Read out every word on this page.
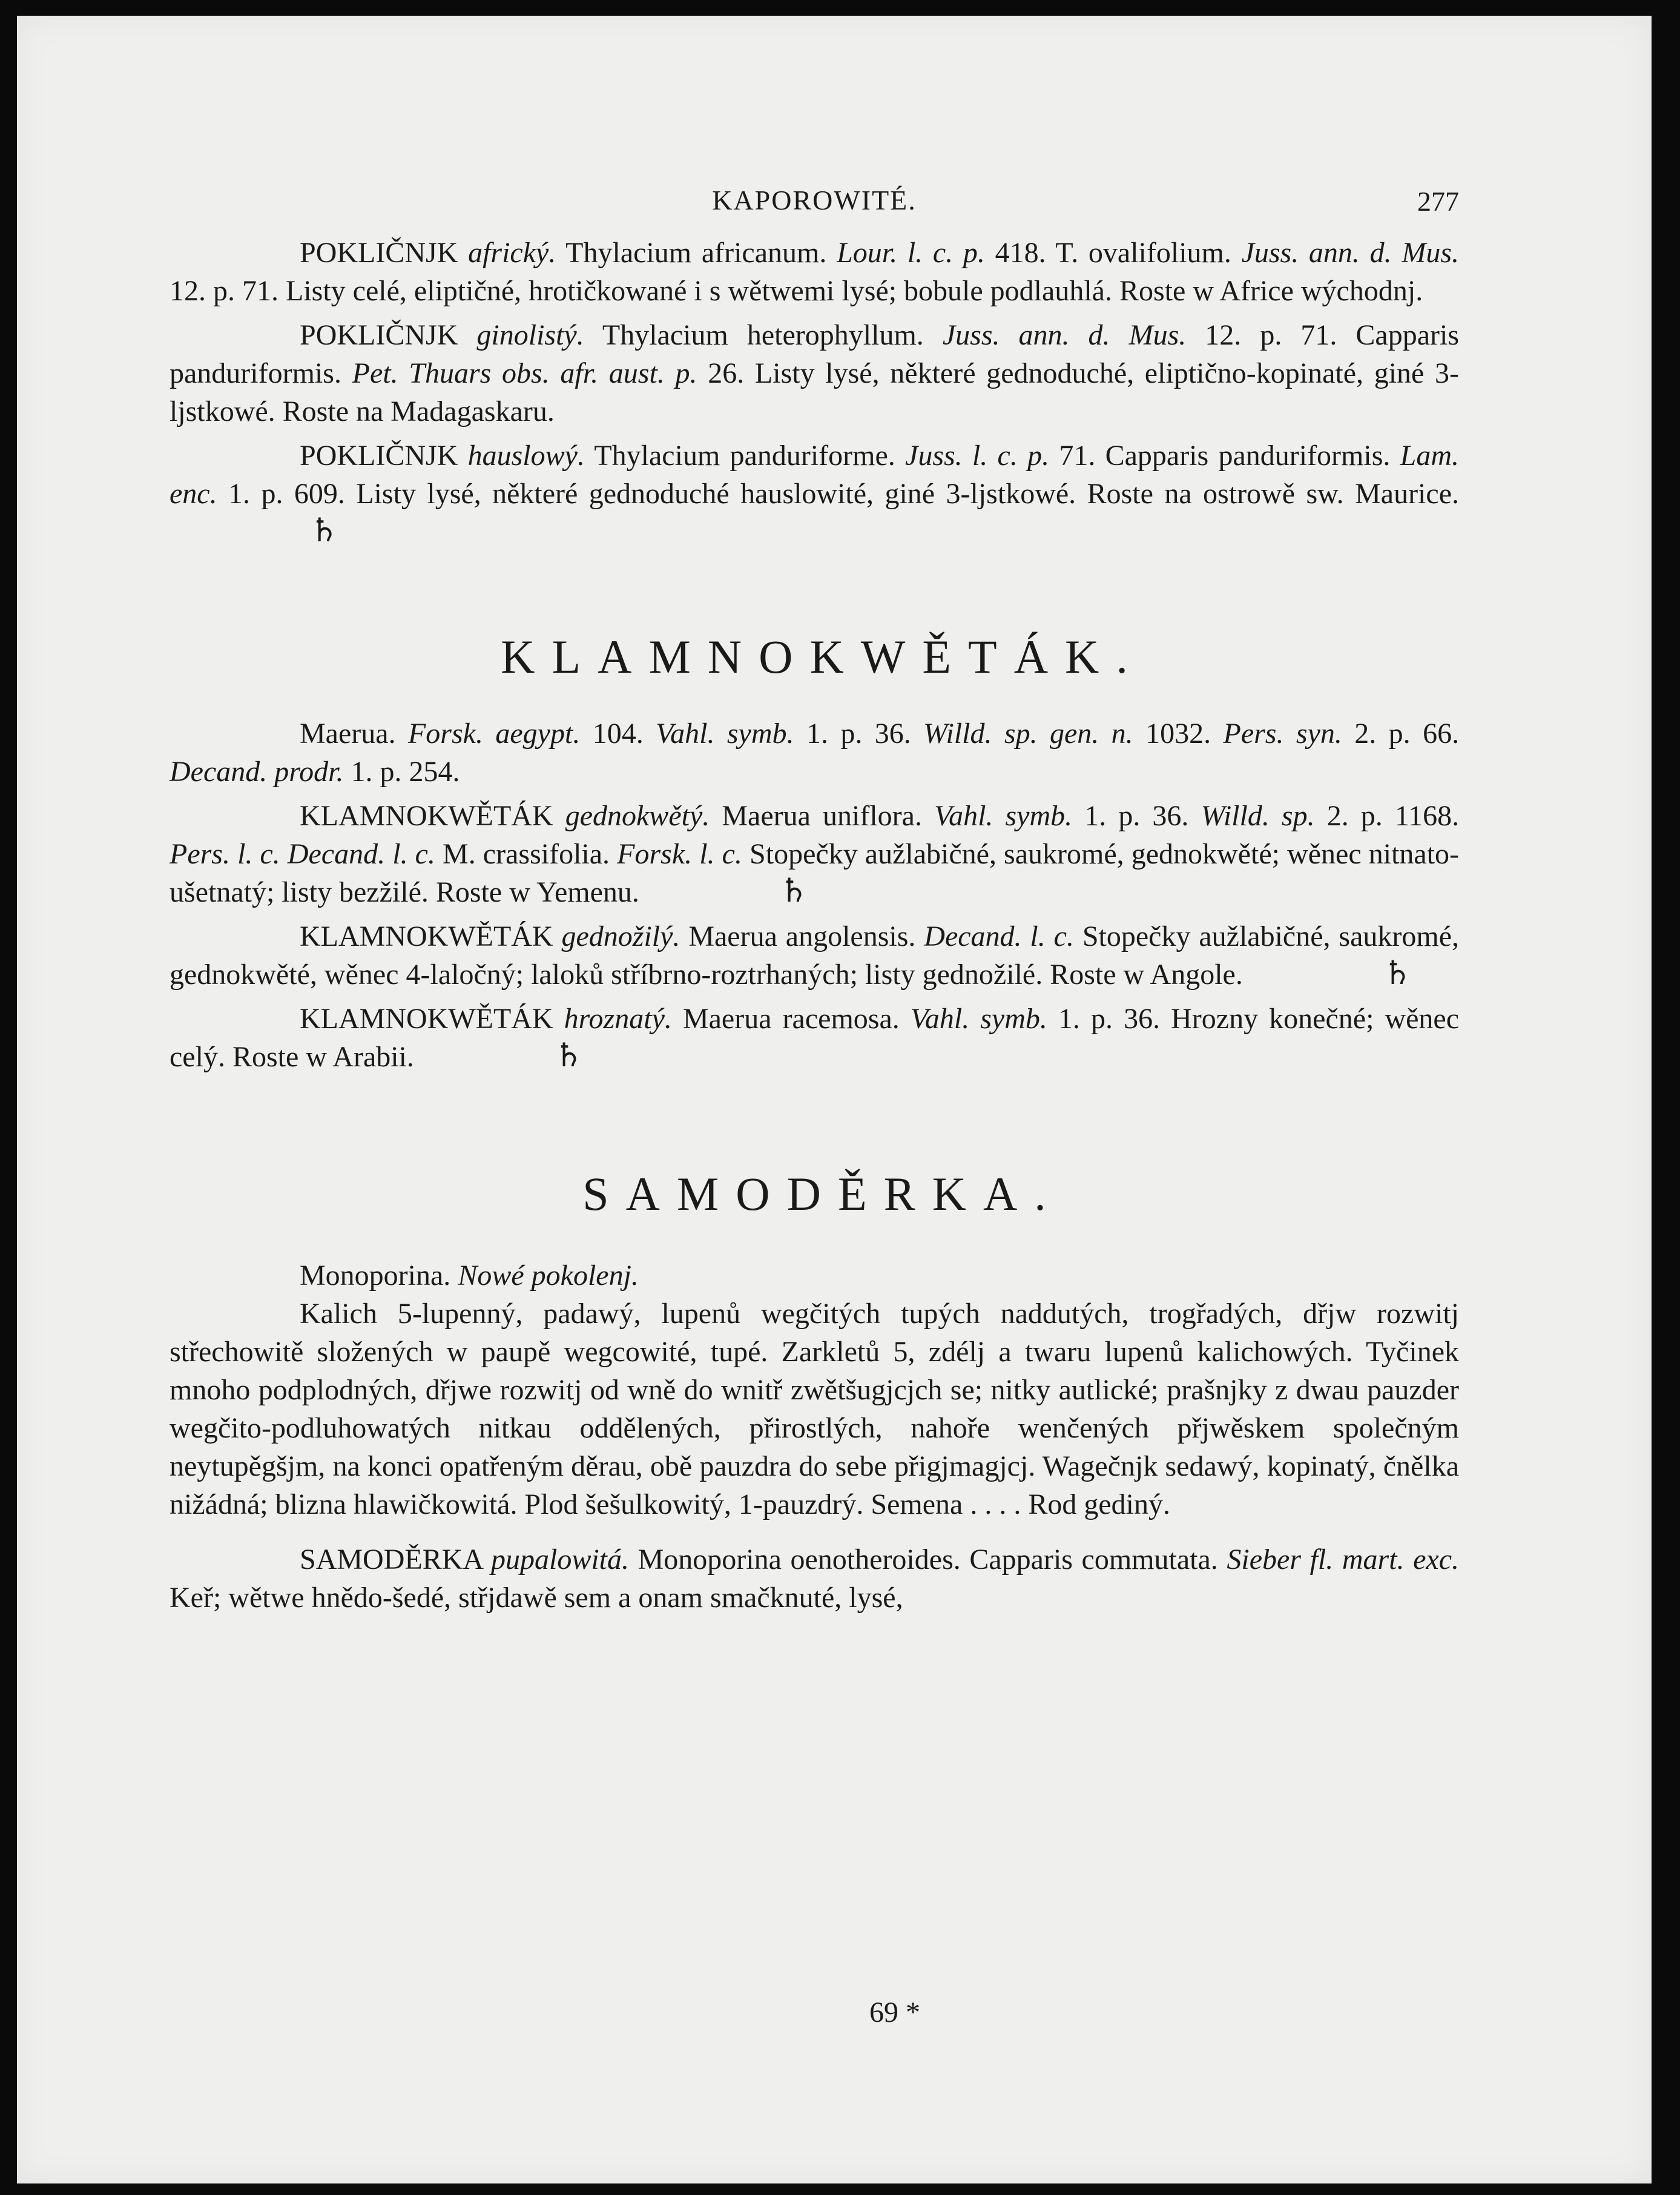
KAPOROWITÉ.	277

POKLIČNJK africký. Thylacium africanum. Lour. l. c. p. 418. T. ovalifolium. Juss. ann. d. Mus. 12. p. 71. Listy celé, eliptičné, hrotičkowané i s wětwemi lysé; bobule podlauhlá. Roste w Africe wýchodnj.

POKLIČNJK ginolistý. Thylacium heterophyllum. Juss. ann. d. Mus. 12. p. 71. Capparis panduriformis. Pet. Thuars obs. afr. aust. p. 26. Listy lysé, některé gednoduché, eliptično-kopinaté, giné 3-ljstkowé. Roste na Madagaskaru.

POKLIČNJK hauslowý. Thylacium panduriforme. Juss. l. c. p. 71. Capparis panduriformis. Lam. enc. 1. p. 609. Listy lysé, některé gednoduché hauslowité, giné 3-ljstkowé. Roste na ostrowě sw. Maurice.♄

KLAMNOKWĚTÁK.

Maerua. Forsk. aegypt. 104. Vahl. symb. 1. p. 36. Willd. sp. gen. n. 1032. Pers. syn. 2. p. 66. Decand. prodr. 1. p. 254.

KLAMNOKWĚTÁK gednokwětý. Maerua uniflora. Vahl. symb. 1. p. 36. Willd. sp. 2. p. 1168. Pers. l. c. Decand. l. c. M. crassifolia. Forsk. l. c. Stopečky aužlabičné, saukromé, gednokwěté; wěnec nitnato-ušetnatý; listy bezžilé. Roste w Yemenu.	♄

KLAMNOKWĚTÁK gednožilý. Maerua angolensis. Decand. l. c. Stopečky aužlabičné, saukromé, gednokwěté, wěnec 4-laločný; laloků stříbrno-roztrhaných; listy gednožilé. Roste w Angole.	♄

KLAMNOKWĚTÁK hroznatý. Maerua racemosa. Vahl. symb. 1. p. 36. Hrozny konečné; wěnec celý. Roste w Arabii.	♄

SAMODĚRKA.

Monoporina. Nowé pokolenj.

Kalich 5-lupenný, padawý, lupenů wegčitých tupých naddutých, trogřadých, dřjw rozwitj střechowitě složených w paupě wegcowité, tupé. Zarkletů 5, zdélj a twaru lupenů kalichowých. Tyčinek mnoho podplodných, dřjwe rozwitj od wně do wnitř zwětšugjcjch se; nitky autlické; prašnjky z dwau pauzder wegčito-podluhowatých nitkau oddělených, přirostlých, nahoře wenčených přjwěskem společným neytupěgšjm, na konci opatřeným děrau, obě pauzdra do sebe přigjmagjcj. Wagečnjk sedawý, kopinatý, čnělka nižádná; blizna hlawičkowitá. Plod šešulkowitý, 1-pauzdrý. Semena . . . . Rod gediný.

SAMODĚRKA pupalowitá. Monoporina oenotheroides. Capparis commutata. Sieber fl. mart. exc. Keř; wětwe hnědo-šedé, střjdawě sem a onam smačknuté, lysé,

69 *
